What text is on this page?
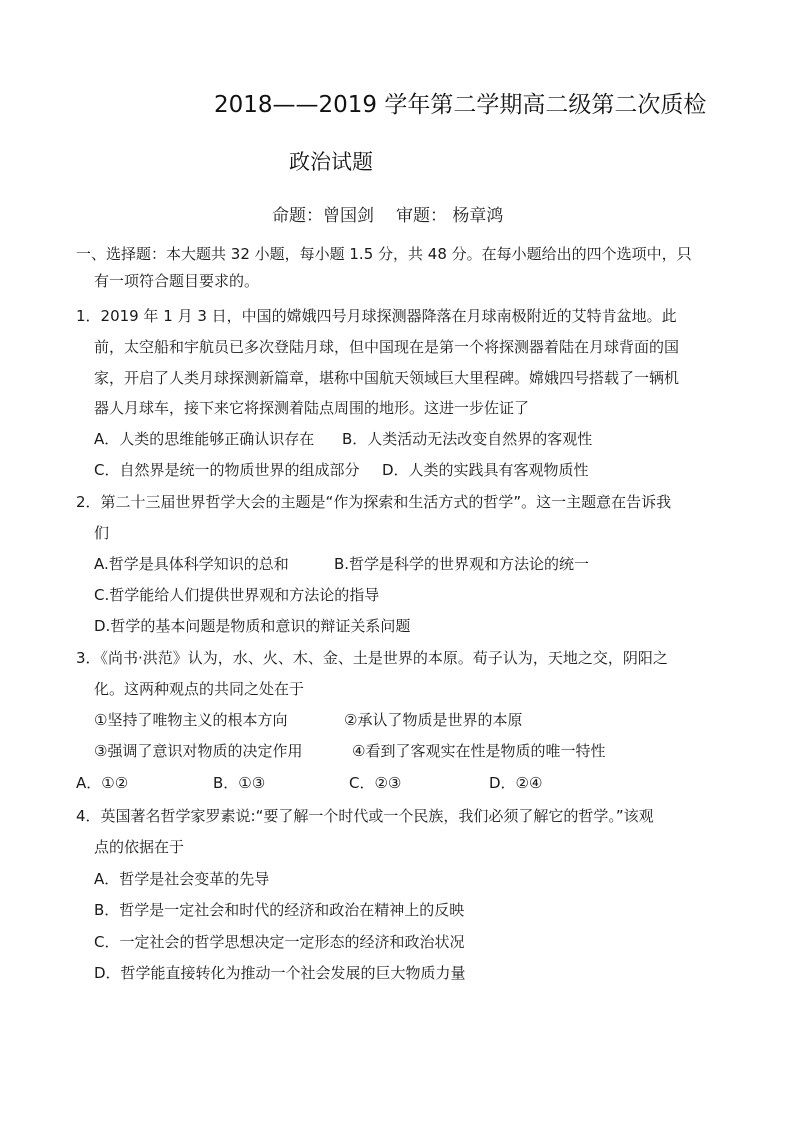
2018——2019 学年第二学期高二级第二次质检
政治试题
命题：曾国剑 审题： 杨章鸿
一、选择题：本大题共 32 小题，每小题 1.5 分，共 48 分。在每小题给出的四个选项中，只
有一项符合题目要求的。
1．2019 年 1 月 3 日，中国的嫦娥四号月球探测器降落在月球南极附近的艾特肯盆地。此
前，太空船和宇航员已多次登陆月球，但中国现在是第一个将探测器着陆在月球背面的国
家，开启了人类月球探测新篇章，堪称中国航天领域巨大里程碑。嫦娥四号搭载了一辆机
器人月球车，接下来它将探测着陆点周围的地形。这进一步佐证了
A．人类的思维能够正确认识存在 B．人类活动无法改变自然界的客观性
C．自然界是统一的物质世界的组成部分 D．人类的实践具有客观物质性
2．第二十三届世界哲学大会的主题是“作为探索和生活方式的哲学”。这一主题意在告诉我
们
A.哲学是具体科学知识的总和	B.哲学是科学的世界观和方法论的统一
C.哲学能给人们提供世界观和方法论的指导
D.哲学的基本问题是物质和意识的辩证关系问题
3．《尚书·洪范》认为，水、火、木、金、土是世界的本原。荀子认为，天地之交，阴阳之
化。这两种观点的共同之处在于
①坚持了唯物主义的根本方向	②承认了物质是世界的本原
③强调了意识对物质的决定作用	④看到了客观实在性是物质的唯一特性
A．①②	B．①③	C．②③	D．②④
4．英国著名哲学家罗素说:“要了解一个时代或一个民族，我们必须了解它的哲学。”该观
点的依据在于
A．哲学是社会变革的先导
B．哲学是一定社会和时代的经济和政治在精神上的反映
C．一定社会的哲学思想决定一定形态的经济和政治状况
D．哲学能直接转化为推动一个社会发展的巨大物质力量
